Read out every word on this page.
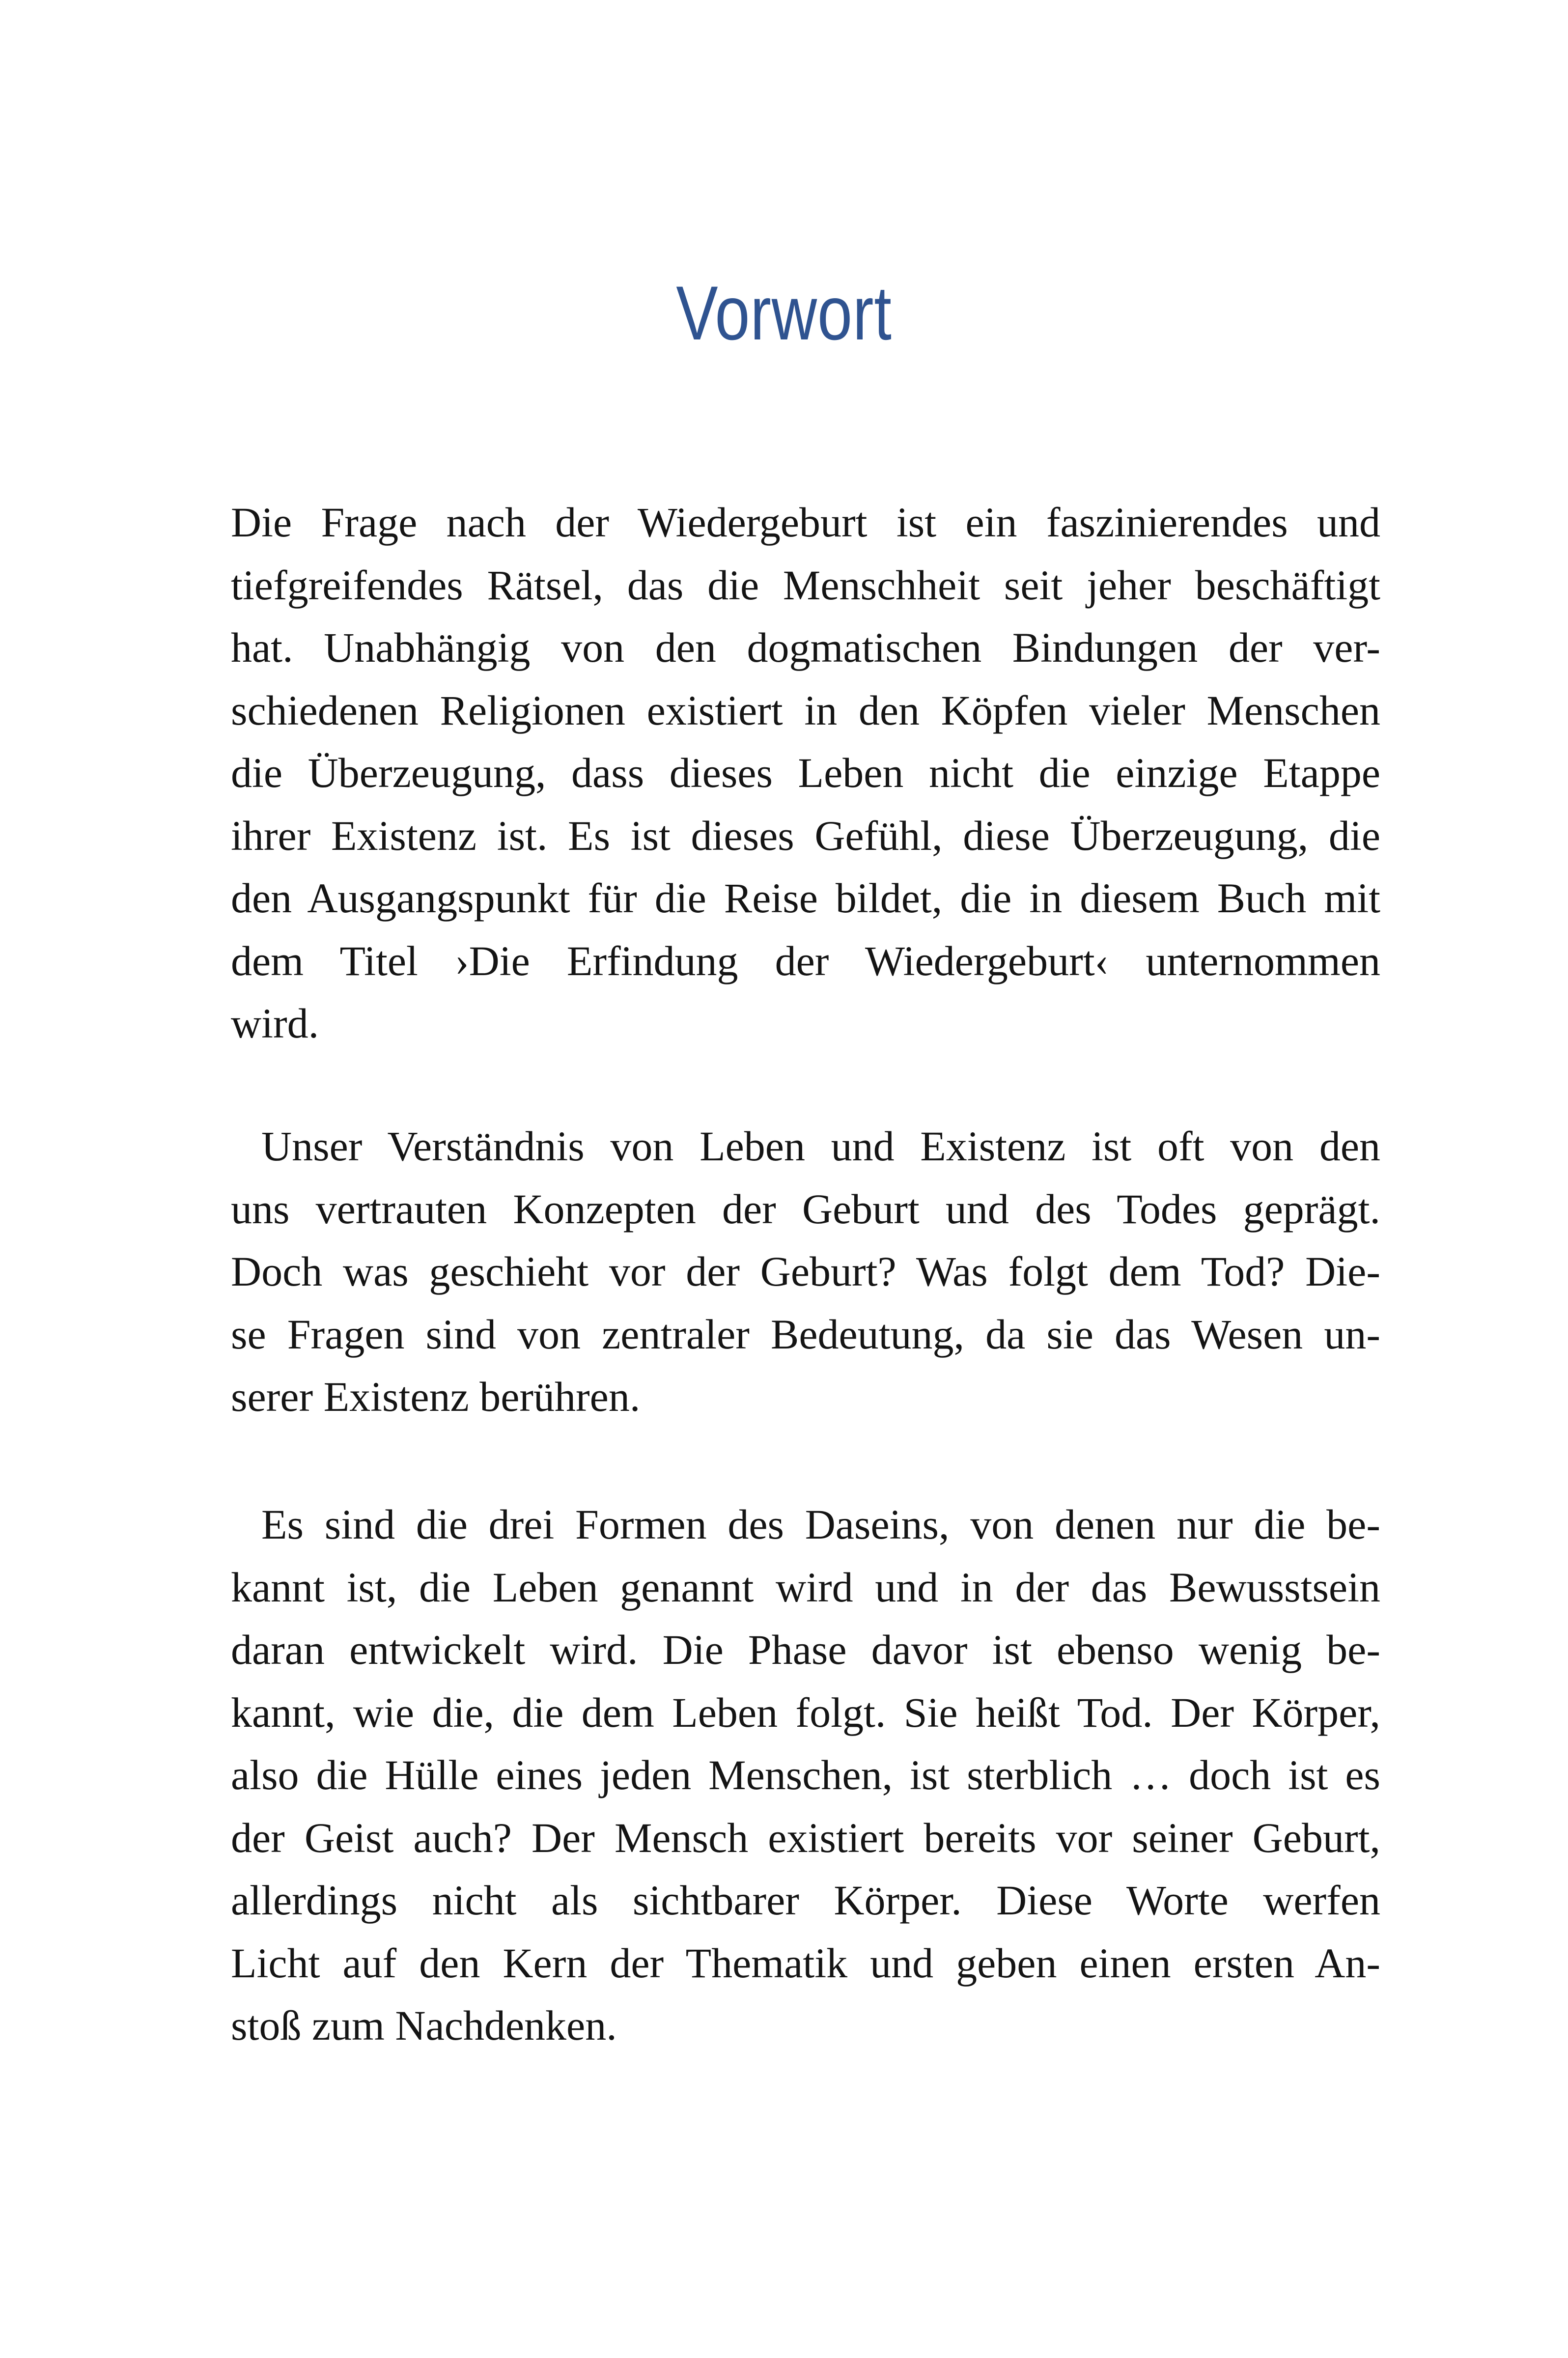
Vorwort

Die Frage nach der Wiedergeburt ist ein faszinierendes und
tiefgreifendes Rätsel, das die Menschheit seit jeher beschäftigt
hat. Unabhängig von den dogmatischen Bindungen der ver-
schiedenen Religionen existiert in den Köpfen vieler Menschen
die Überzeugung, dass dieses Leben nicht die einzige Etappe
ihrer Existenz ist. Es ist dieses Gefühl, diese Überzeugung, die
den Ausgangspunkt für die Reise bildet, die in diesem Buch mit
dem Titel ›Die Erfindung der Wiedergeburt‹ unternommen
wird.

Unser Verständnis von Leben und Existenz ist oft von den
uns vertrauten Konzepten der Geburt und des Todes geprägt.
Doch was geschieht vor der Geburt? Was folgt dem Tod? Die-
se Fragen sind von zentraler Bedeutung, da sie das Wesen un-
serer Existenz berühren.

Es sind die drei Formen des Daseins, von denen nur die be-
kannt ist, die Leben genannt wird und in der das Bewusstsein
daran entwickelt wird. Die Phase davor ist ebenso wenig be-
kannt, wie die, die dem Leben folgt. Sie heißt Tod. Der Körper,
also die Hülle eines jeden Menschen, ist sterblich … doch ist es
der Geist auch? Der Mensch existiert bereits vor seiner Geburt,
allerdings nicht als sichtbarer Körper. Diese Worte werfen
Licht auf den Kern der Thematik und geben einen ersten An-
stoß zum Nachdenken.
